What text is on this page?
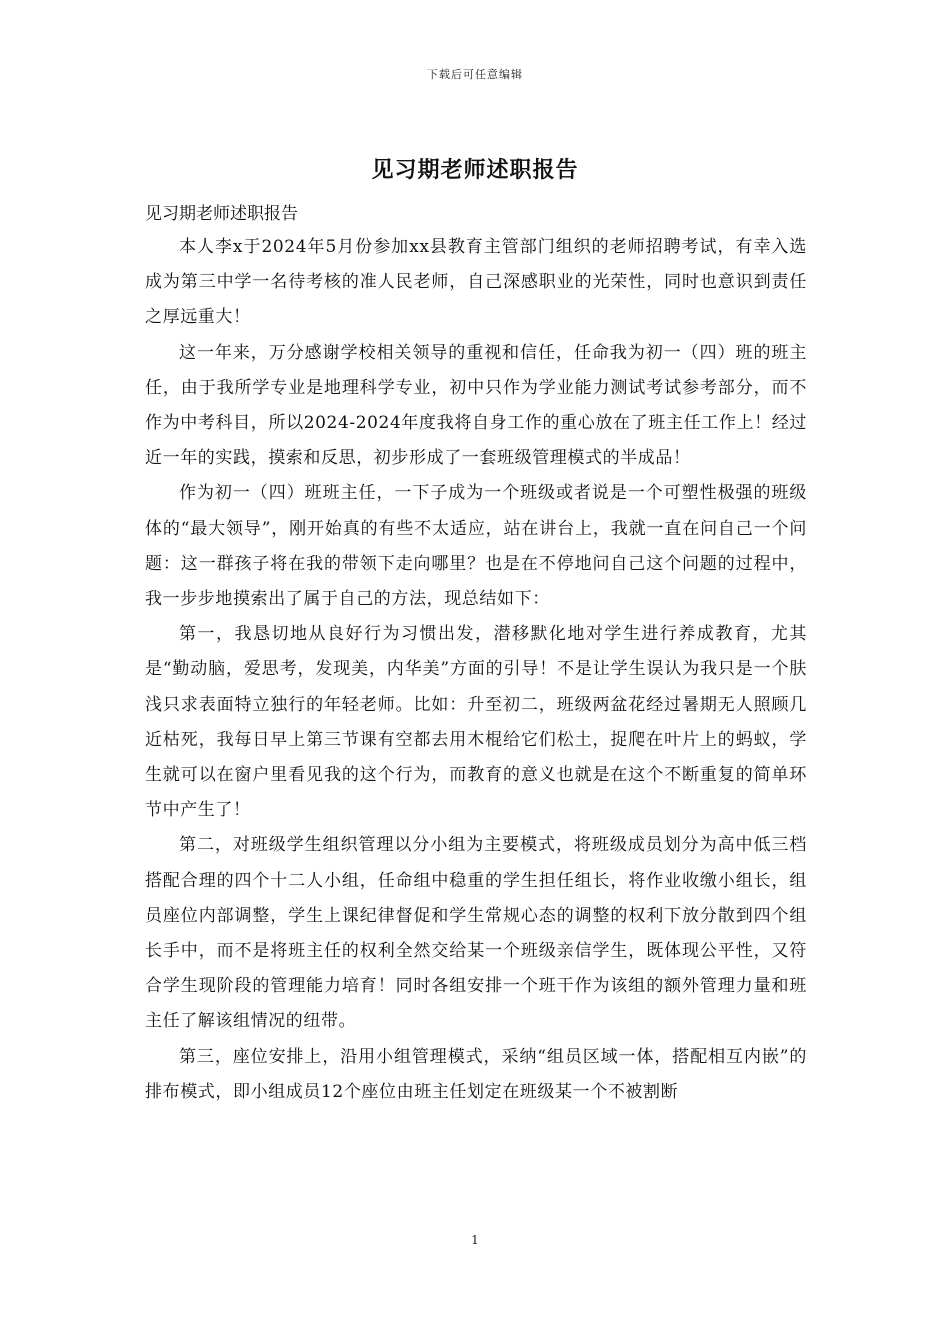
下载后可任意编辑
见习期老师述职报告

见习期老师述职报告

本人李x于2024年5月份参加xx县教育主管部门组织的老师招聘考试，有幸入选成为第三中学一名待考核的准人民老师，自己深感职业的光荣性，同时也意识到责任之厚远重大！

这一年来，万分感谢学校相关领导的重视和信任，任命我为初一（四）班的班主任，由于我所学专业是地理科学专业，初中只作为学业能力测试考试参考部分，而不作为中考科目，所以2024-2024年度我将自身工作的重心放在了班主任工作上！经过近一年的实践，摸索和反思，初步形成了一套班级管理模式的半成品！

作为初一（四）班班主任，一下子成为一个班级或者说是一个可塑性极强的班级体的“最大领导”，刚开始真的有些不太适应，站在讲台上，我就一直在问自己一个问题：这一群孩子将在我的带领下走向哪里？也是在不停地问自己这个问题的过程中，我一步步地摸索出了属于自己的方法，现总结如下：

第一，我恳切地从良好行为习惯出发，潜移默化地对学生进行养成教育，尤其是“勤动脑，爱思考，发现美，内华美”方面的引导！不是让学生误认为我只是一个肤浅只求表面特立独行的年轻老师。比如：升至初二，班级两盆花经过暑期无人照顾几近枯死，我每日早上第三节课有空都去用木棍给它们松土，捉爬在叶片上的蚂蚁，学生就可以在窗户里看见我的这个行为，而教育的意义也就是在这个不断重复的简单环节中产生了！

第二，对班级学生组织管理以分小组为主要模式，将班级成员划分为高中低三档搭配合理的四个十二人小组，任命组中稳重的学生担任组长，将作业收缴小组长，组员座位内部调整，学生上课纪律督促和学生常规心态的调整的权利下放分散到四个组长手中，而不是将班主任的权利全然交给某一个班级亲信学生，既体现公平性，又符合学生现阶段的管理能力培育！同时各组安排一个班干作为该组的额外管理力量和班主任了解该组情况的纽带。

第三，座位安排上，沿用小组管理模式，采纳“组员区域一体，搭配相互内嵌”的排布模式，即小组成员12个座位由班主任划定在班级某一个不被割断

1
